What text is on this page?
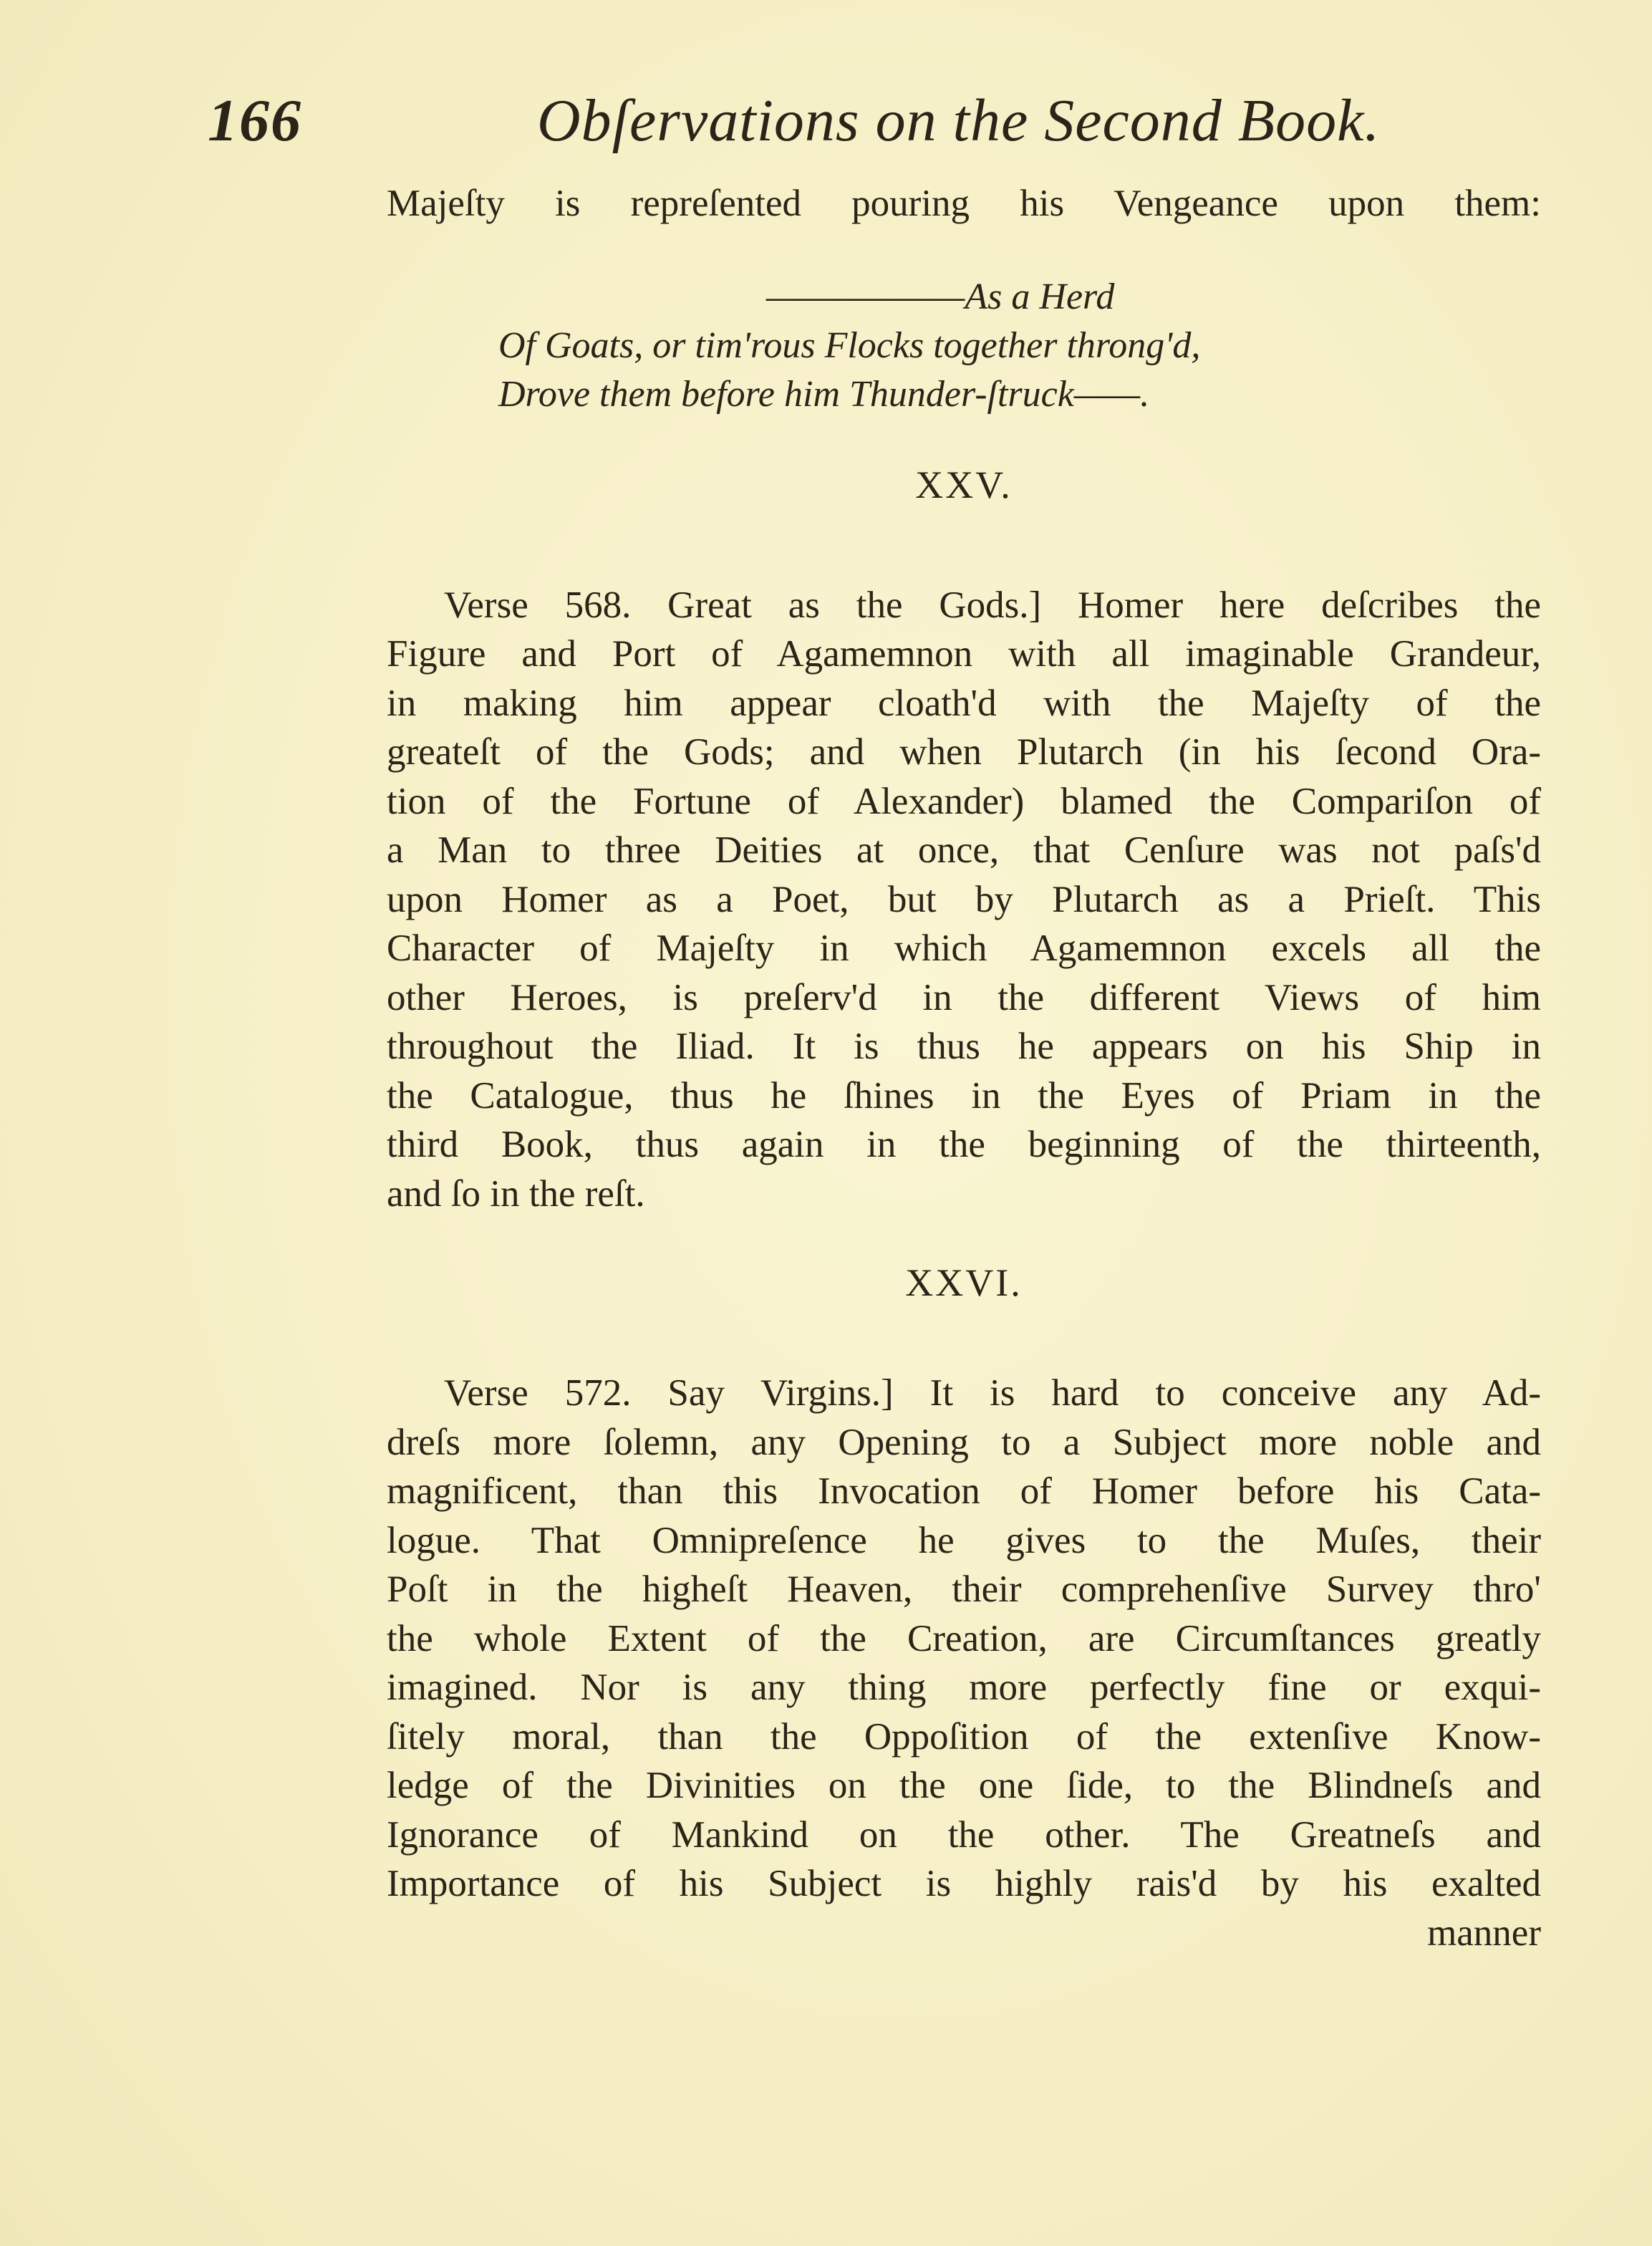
166	Obſervations on the Second Book.
Majeſty is repreſented pouring his Vengeance upon them:
——————As a Herd
Of Goats, or tim'rous Flocks together throng'd,
Drove them before him Thunder-ſtruck——.
XXV.
Verse 568. Great as the Gods.] Homer here deſcribes the
Figure and Port of Agamemnon with all imaginable Grandeur,
in making him appear cloath'd with the Majeſty of the
greateſt of the Gods; and when Plutarch (in his ſecond Ora-
tion of the Fortune of Alexander) blamed the Compariſon of
a Man to three Deities at once, that Cenſure was not paſs'd
upon Homer as a Poet, but by Plutarch as a Prieſt. This
Character of Majeſty in which Agamemnon excels all the
other Heroes, is preſerv'd in the different Views of him
throughout the Iliad. It is thus he appears on his Ship in
the Catalogue, thus he ſhines in the Eyes of Priam in the
third Book, thus again in the beginning of the thirteenth,
and ſo in the reſt.
XXVI.
Verse 572. Say Virgins.] It is hard to conceive any Ad-
dreſs more ſolemn, any Opening to a Subject more noble and
magnificent, than this Invocation of Homer before his Cata-
logue. That Omnipreſence he gives to the Muſes, their
Poſt in the higheſt Heaven, their comprehenſive Survey thro'
the whole Extent of the Creation, are Circumſtances greatly
imagined. Nor is any thing more perfectly fine or exqui-
ſitely moral, than the Oppoſition of the extenſive Know-
ledge of the Divinities on the one ſide, to the Blindneſs and
Ignorance of Mankind on the other. The Greatneſs and
Importance of his Subject is highly rais'd by his exalted
manner
